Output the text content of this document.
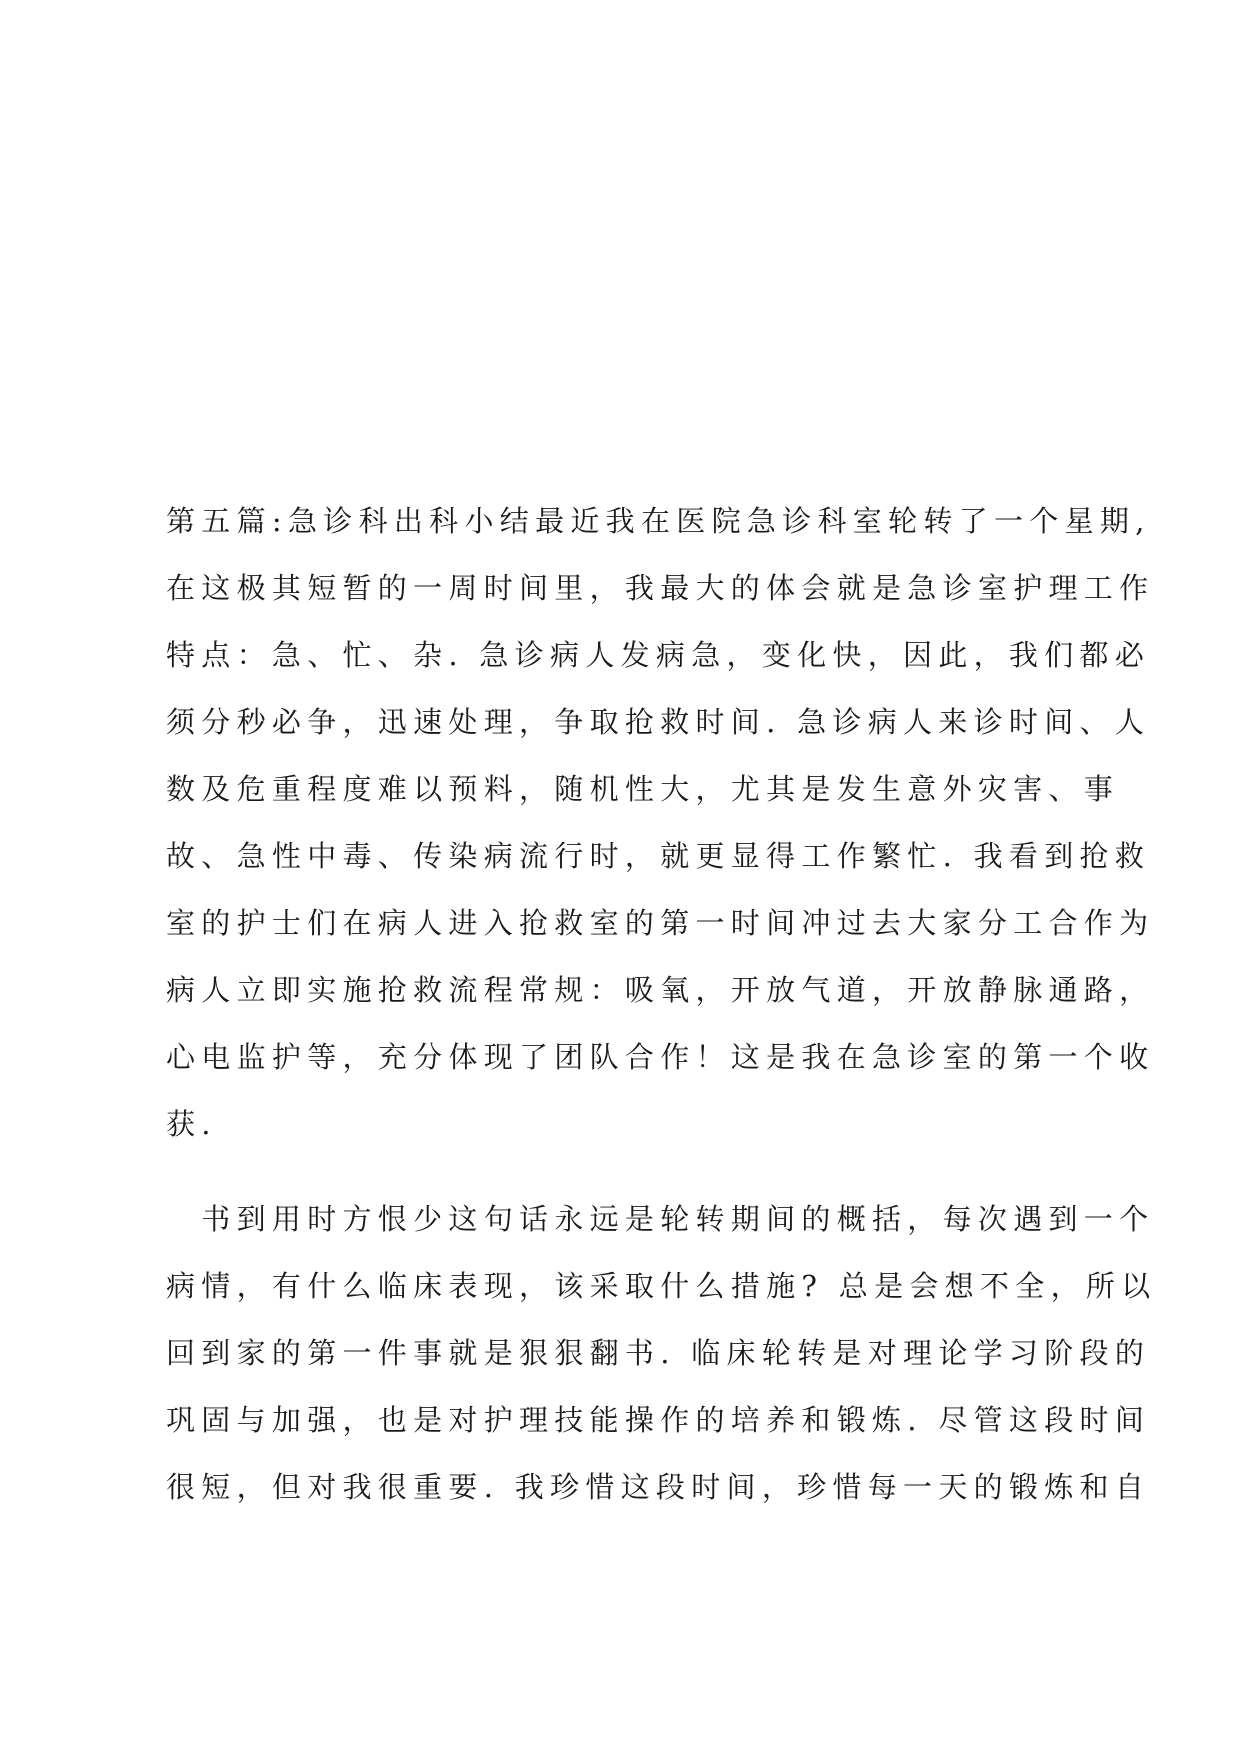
第五篇:急诊科出科小结最近我在医院急诊科室轮转了一个星期,
在这极其短暂的一周时间里，我最大的体会就是急诊室护理工作
特点：急、忙、杂. 急诊病人发病急，变化快，因此，我们都必
须分秒必争，迅速处理，争取抢救时间. 急诊病人来诊时间、人
数及危重程度难以预料，随机性大，尤其是发生意外灾害、事
故、急性中毒、传染病流行时，就更显得工作繁忙. 我看到抢救
室的护士们在病人进入抢救室的第一时间冲过去大家分工合作为
病人立即实施抢救流程常规：吸氧，开放气道，开放静脉通路，
心电监护等，充分体现了团队合作！这是我在急诊室的第一个收
获.
　书到用时方恨少这句话永远是轮转期间的概括，每次遇到一个
病情，有什么临床表现，该采取什么措施? 总是会想不全，所以
回到家的第一件事就是狠狠翻书. 临床轮转是对理论学习阶段的
巩固与加强，也是对护理技能操作的培养和锻炼. 尽管这段时间
很短，但对我很重要. 我珍惜这段时间，珍惜每一天的锻炼和自
